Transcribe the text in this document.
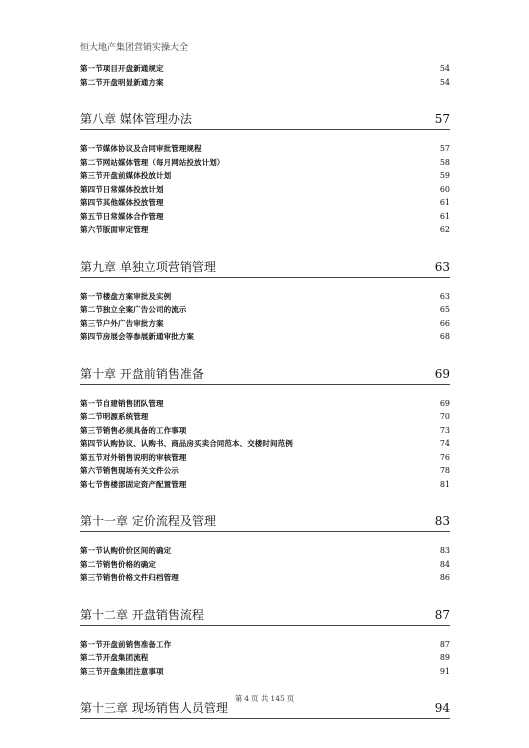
恒大地产集团营销实操大全
第一节项目开盘新通规定	54
第二节开盘明显新通方案	54
第八章 媒体管理办法	57
第一节媒体协议及合同审批管理规程	57
第二节网站媒体管理（每月网站投放计划）	58
第三节开盘前媒体投放计划	59
第四节日常媒体投放计划	60
第四节其他媒体投放管理	61
第五节日常媒体合作管理	61
第六节版面审定管理	62
第九章 单独立项营销管理	63
第一节楼盘方案审批及实例	63
第二节独立全案广告公司的流示	65
第三节户外广告审批方案	66
第四节房展会等参展新通审批方案	68
第十章 开盘前销售准备	69
第一节自建销售团队管理	69
第二节明源系统管理	70
第三节销售必须具备的工作事项	73
第四节认购协议、认购书、商品房买卖合同范本、交楼时间范例	74
第五节对外销售说明的审核管理	76
第六节销售现场有关文件公示	78
第七节售楼部固定资产配置管理	81
第十一章 定价流程及管理	83
第一节认购价价区间的确定	83
第二节销售价格的确定	84
第三节销售价格文件归档管理	86
第十二章 开盘销售流程	87
第一节开盘前销售准备工作	87
第二节开盘集团流程	89
第三节开盘集团注意事项	91
第十三章 现场销售人员管理	94
第 4 页 共 145 页
